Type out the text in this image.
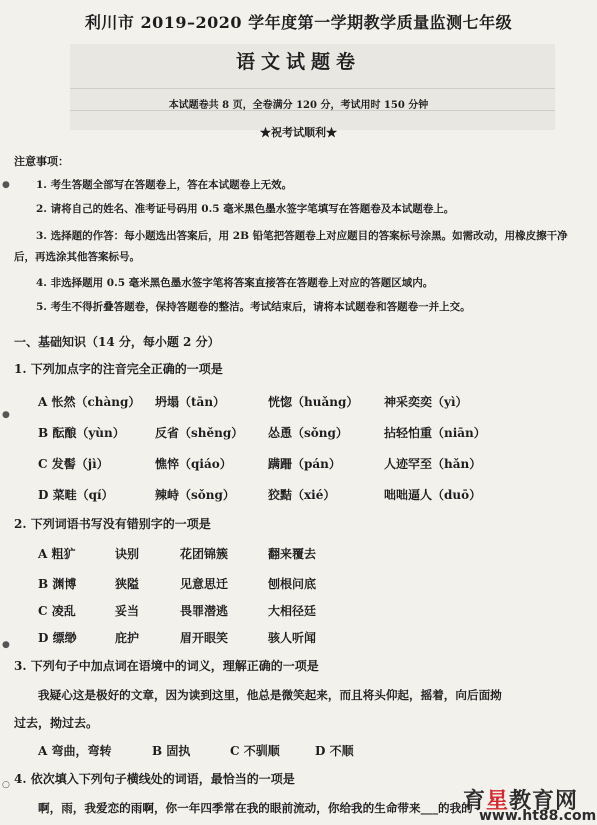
●
●
●
○
利川市 2019–2020 学年度第一学期教学质量监测七年级
语文试题卷
本试题卷共 8 页，全卷满分 120 分，考试用时 150 分钟
★祝考试顺利★
注意事项：
1. 考生答题全部写在答题卷上，答在本试题卷上无效。
2. 请将自己的姓名、准考证号码用 0.5 毫米黑色墨水签字笔填写在答题卷及本试题卷上。
3. 选择题的作答：每小题选出答案后，用 2B 铅笔把答题卷上对应题目的答案标号涂黑。如需改动，用橡皮擦干净后，再选涂其他答案标号。
4. 非选择题用 0.5 毫米黑色墨水签字笔将答案直接答在答题卷上对应的答题区域内。
5. 考生不得折叠答题卷，保持答题卷的整洁。考试结束后，请将本试题卷和答题卷一并上交。
一、基础知识（14 分，每小题 2 分）
1. 下列加点字的注音完全正确的一项是
A 怅然（chàng） 坍塌（tān）	恍惚（huǎng） 神采奕奕（yì）
B 酝酿（yùn）	反省（shěng） 怂恿（sǒng）	拈轻怕重（niān）
C 发髻（jì）	憔悴（qiáo）	蹒跚（pán）	人迹罕至（hǎn）
D 菜畦（qí）	辣峙（sǒng）	狡黠（xié）	咄咄逼人（duō）
2. 下列词语书写没有错别字的一项是
A 粗犷	诀别	花团锦簇	翻来覆去
B 渊博	狭隘	见意思迁	刨根问底
C 凌乱	妥当	畏罪潜逃	大相径廷
D 缥缈	庇护	眉开眼笑	骇人听闻
3. 下列句子中加点词在语境中的词义，理解正确的一项是
我疑心这是极好的文章，因为读到这里，他总是微笑起来，而且将头仰起，摇着，向后面拗
过去，拗过去。
A 弯曲，弯转	B 固执	C 不驯顺	D 不顺
4. 依次填入下列句子横线处的词语，最恰当的一项是
啊，雨，我爱恋的雨啊，你一年四季常在我的眼前流动，你给我的生命带来___的我的
育星教育网
www.ht88.com
